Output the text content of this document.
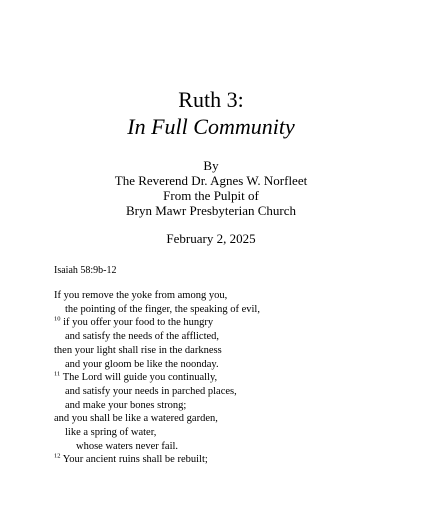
Ruth 3:
In Full Community
By
The Reverend Dr. Agnes W. Norfleet
From the Pulpit of
Bryn Mawr Presbyterian Church
February 2, 2025
Isaiah 58:9b-12
If you remove the yoke from among you,
the pointing of the finger, the speaking of evil,
$^{10}$ if you offer your food to the hungry
and satisfy the needs of the afflicted,
then your light shall rise in the darkness
and your gloom be like the noonday.
$^{11}$ The Lord will guide you continually,
and satisfy your needs in parched places,
and make your bones strong;
and you shall be like a watered garden,
like a spring of water,
whose waters never fail.
$^{12}$ Your ancient ruins shall be rebuilt;
